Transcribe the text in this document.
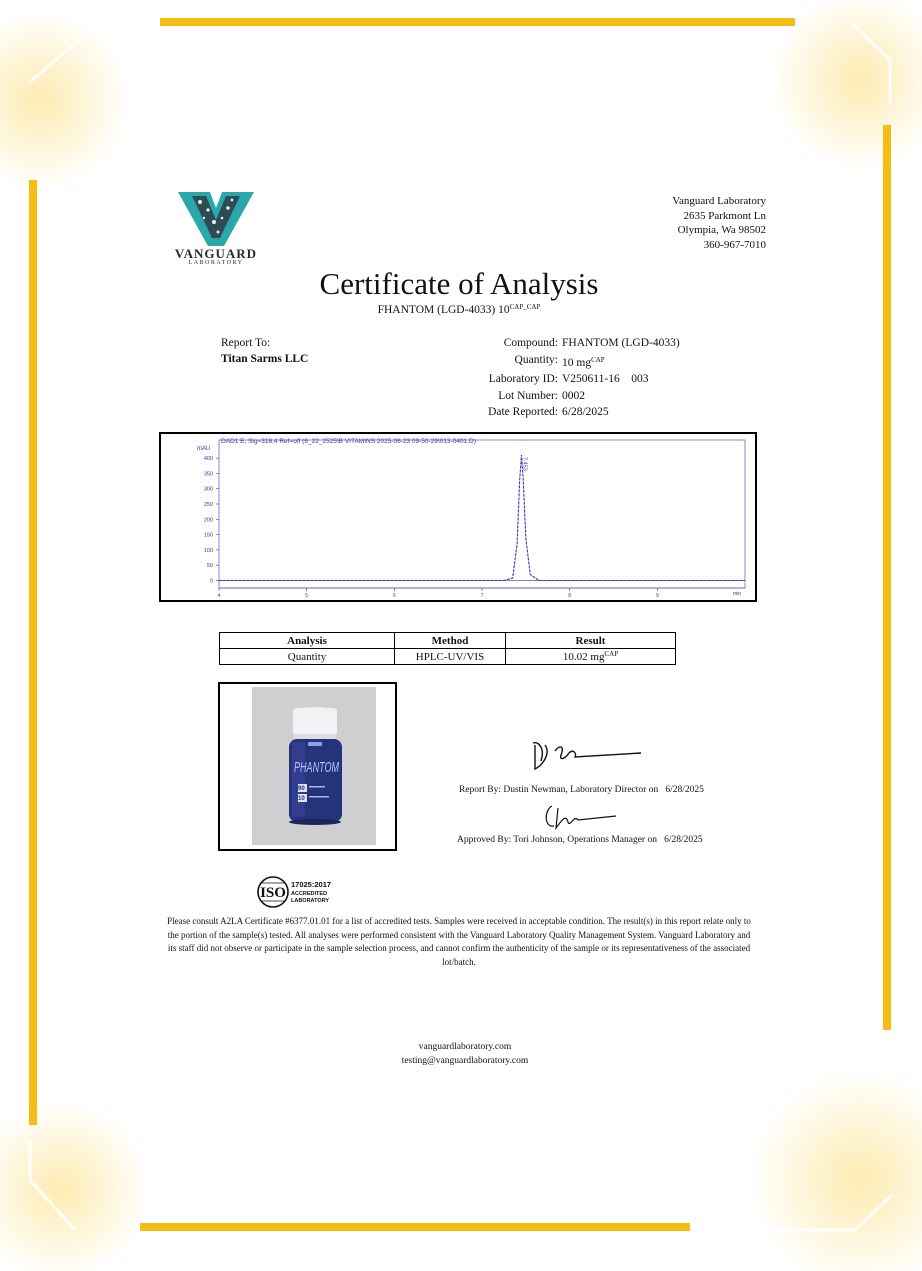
VANGUARD
LABORATORY
Vanguard Laboratory
2635 Parkmont Ln
Olympia, Wa 98502
360-967-7010
Certificate of Analysis
FHANTOM (LGD-4033) $10^{CAP\_CAP}$
Report To:
Titan Sarms LLC
Compound: FHANTOM (LGD-4033)
Quantity: 10 $mg^{CAP}$
Laboratory ID: V250611-16    003
Lot Number: 0002
Date Reported: 6/28/2025
0
50
100
150
200
250
300
350
400
4	5	6	7	8	9
DAD1 E, Sig=318,4 Ref=off (6_22_2525\B VITAMINS 2025-06-23 09-50-29\013-0401.D)
mAU
min
7.453
Analysis	Method	Result
Quantity	HPLC-UV/VIS	10.02 $mg^{CAP}$
PHANTOM
90
10
Report By: Dustin Newman, Laboratory Director on 6/28/2025
Approved By: Tori Johnson, Operations Manager on 6/28/2025
ISO
17025:2017
ACCREDITED
LABORATORY
Please consult A2LA Certificate #6377.01.01 for a list of accredited tests. Samples were received in acceptable condition. The result(s) in this report relate only to the portion of the sample(s) tested. All analyses were performed consistent with the Vanguard Laboratory Quality Management System. Vanguard Laboratory and its staff did not observe or participate in the sample selection process, and cannot confirm the authenticity of the sample or its representativeness of the associated lot/batch.
vanguardlaboratory.com
testing@vanguardlaboratory.com
